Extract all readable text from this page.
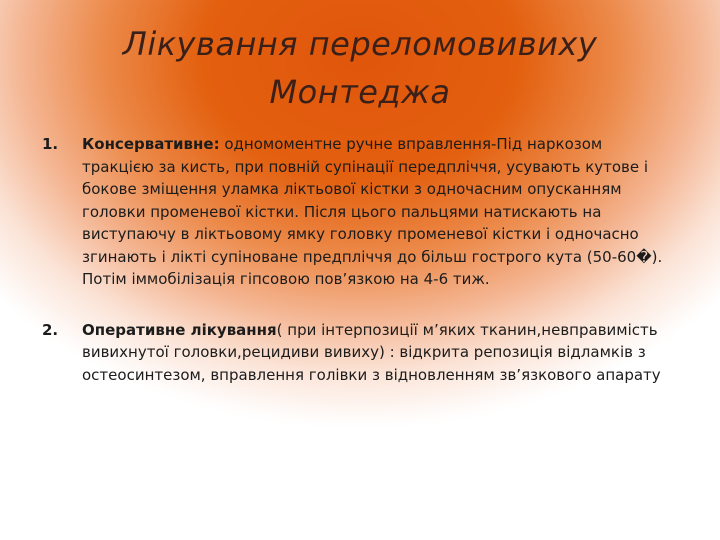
Лікування переломовивиху
Монтеджа
1. Консервативне: одномоментне ручне вправлення-Під наркозом тракцією за кисть, при повній супінації передпліччя, усувають кутове і бокове зміщення уламка ліктьової кістки з одночасним опусканням головки променевої кістки. Після цього пальцями натискають на виступаючу в ліктьовому ямку головку променевої кістки і одночасно згинають і лікті супіноване предпліччя до більш гострого кута (50-60�). Потім іммобілізація гіпсовою пов’язкою на 4-6 тиж.
2. Оперативне лікування( при інтерпозиції м’яких тканин,невправимість вивихнутої головки,рецидиви вивиху) : відкрита репозиція відламків з остеосинтезом, вправлення голівки з відновленням зв’язкового апарату
